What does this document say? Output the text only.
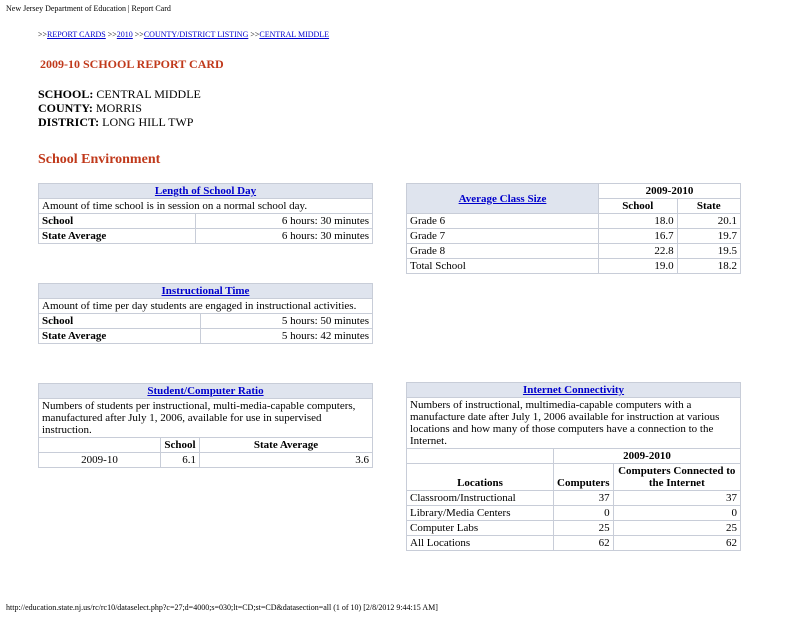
New Jersey Department of Education | Report Card
>>REPORT CARDS >>2010 >>COUNTY/DISTRICT LISTING >>CENTRAL MIDDLE
2009-10 SCHOOL REPORT CARD
SCHOOL: CENTRAL MIDDLE
COUNTY: MORRIS
DISTRICT: LONG HILL TWP
School Environment
Length of School Day	
Amount of time school is in session on a normal school day.	
School	6 hours: 30 minutes
State Average	6 hours: 30 minutes
Instructional Time	
Amount of time per day students are engaged in instructional activities.	
School	5 hours: 50 minutes
State Average	5 hours: 42 minutes
Student/Computer Ratio		
Numbers of students per instructional, multi-media-capable computers, manufactured after July 1, 2006, available for use in supervised instruction.		
	School	State Average
2009-10	6.1	3.6
Average Class Size	2009-2010	
	School	State
Grade 6	18.0	20.1
Grade 7	16.7	19.7
Grade 8	22.8	19.5
Total School	19.0	18.2
Internet Connectivity		
Numbers of instructional, multimedia-capable computers with a manufacture date after July 1, 2006 available for instruction at various locations and how many of those computers have a connection to the Internet.		
	2009-2010	

Locations	Computers	Computers Connected to the Internet
Classroom/Instructional	37	37
Library/Media Centers	0	0
Computer Labs	25	25
All Locations	62	62
http://education.state.nj.us/rc/rc10/dataselect.php?c=27;d=4000;s=030;lt=CD;st=CD&datasection=all (1 of 10) [2/8/2012 9:44:15 AM]
